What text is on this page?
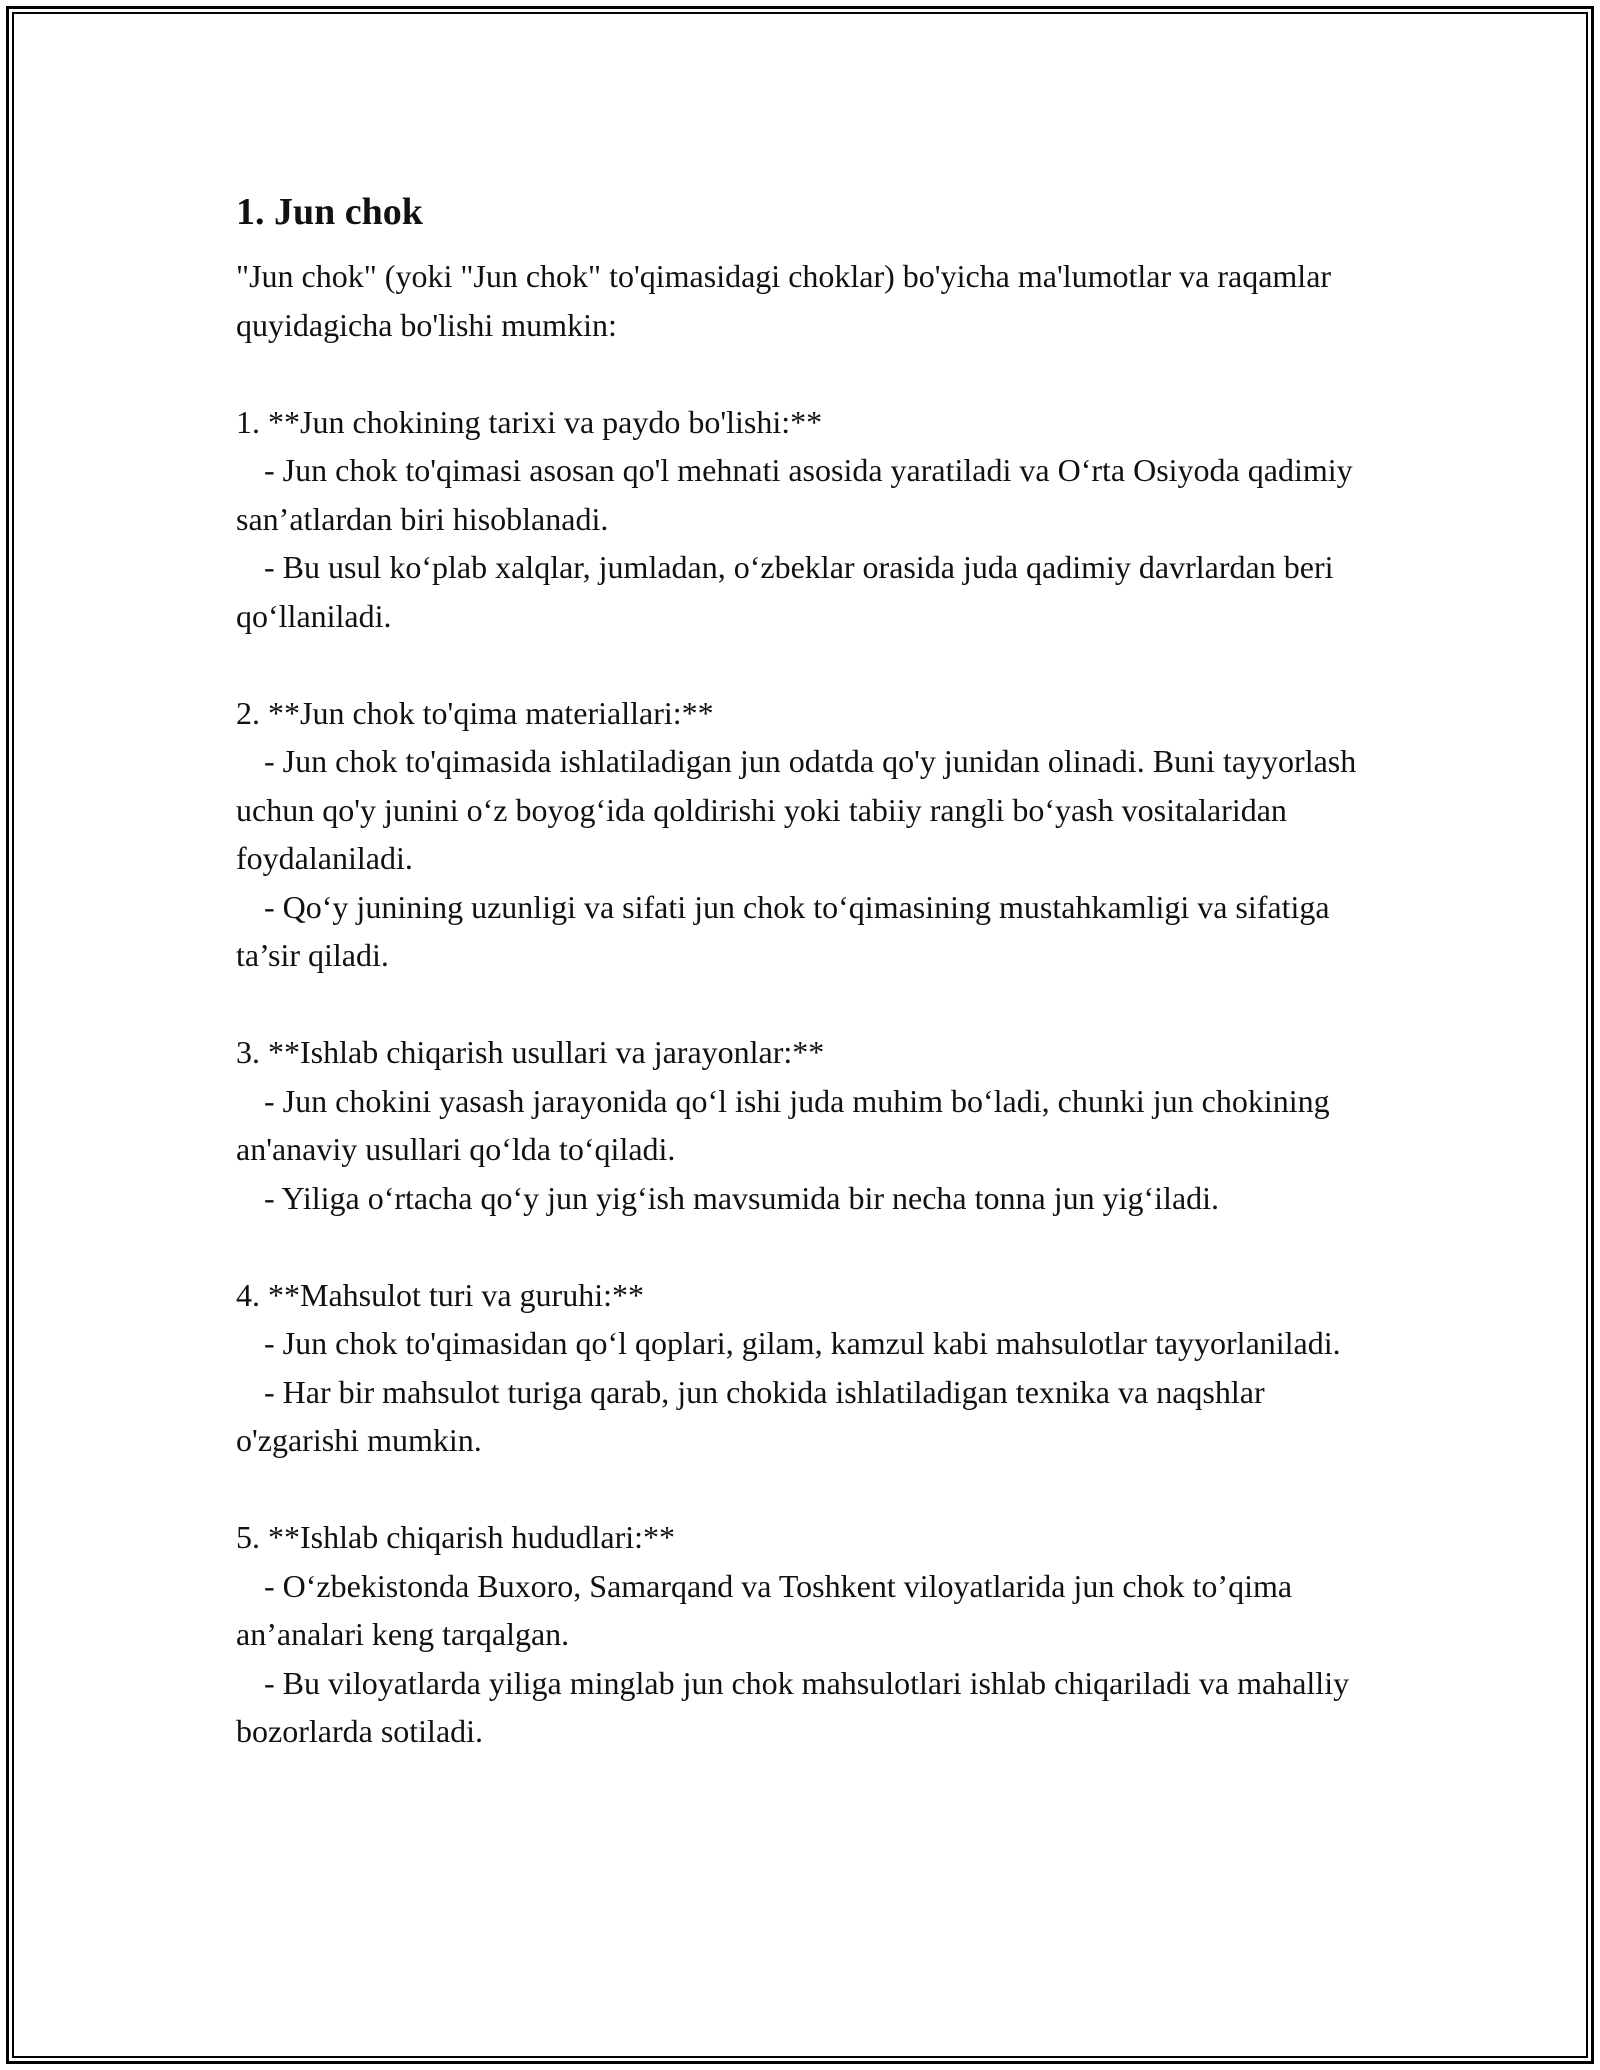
1. Jun chok

"Jun chok" (yoki "Jun chok" to'qimasidagi choklar) bo'yicha ma'lumotlar va raqamlar quyidagicha bo'lishi mumkin:

1. **Jun chokining tarixi va paydo bo'lishi:**

- Jun chok to'qimasi asosan qo'l mehnati asosida yaratiladi va O‘rta Osiyoda qadimiy san’atlardan biri hisoblanadi.

- Bu usul ko‘plab xalqlar, jumladan, o‘zbeklar orasida juda qadimiy davrlardan beri qo‘llaniladi.

2. **Jun chok to'qima materiallari:**

- Jun chok to'qimasida ishlatiladigan jun odatda qo'y junidan olinadi. Buni tayyorlash uchun qo'y junini o‘z boyog‘ida qoldirishi yoki tabiiy rangli bo‘yash vositalaridan foydalaniladi.

- Qo‘y junining uzunligi va sifati jun chok to‘qimasining mustahkamligi va sifatiga ta’sir qiladi.

3. **Ishlab chiqarish usullari va jarayonlar:**

- Jun chokini yasash jarayonida qo‘l ishi juda muhim bo‘ladi, chunki jun chokining an'anaviy usullari qo‘lda to‘qiladi.

- Yiliga o‘rtacha qo‘y jun yig‘ish mavsumida bir necha tonna jun yig‘iladi.

4. **Mahsulot turi va guruhi:**

- Jun chok to'qimasidan qo‘l qoplari, gilam, kamzul kabi mahsulotlar tayyorlaniladi.

- Har bir mahsulot turiga qarab, jun chokida ishlatiladigan texnika va naqshlar o'zgarishi mumkin.

5. **Ishlab chiqarish hududlari:**

- O‘zbekistonda Buxoro, Samarqand va Toshkent viloyatlarida jun chok to’qima an’analari keng tarqalgan.

- Bu viloyatlarda yiliga minglab jun chok mahsulotlari ishlab chiqariladi va mahalliy bozorlarda sotiladi.
